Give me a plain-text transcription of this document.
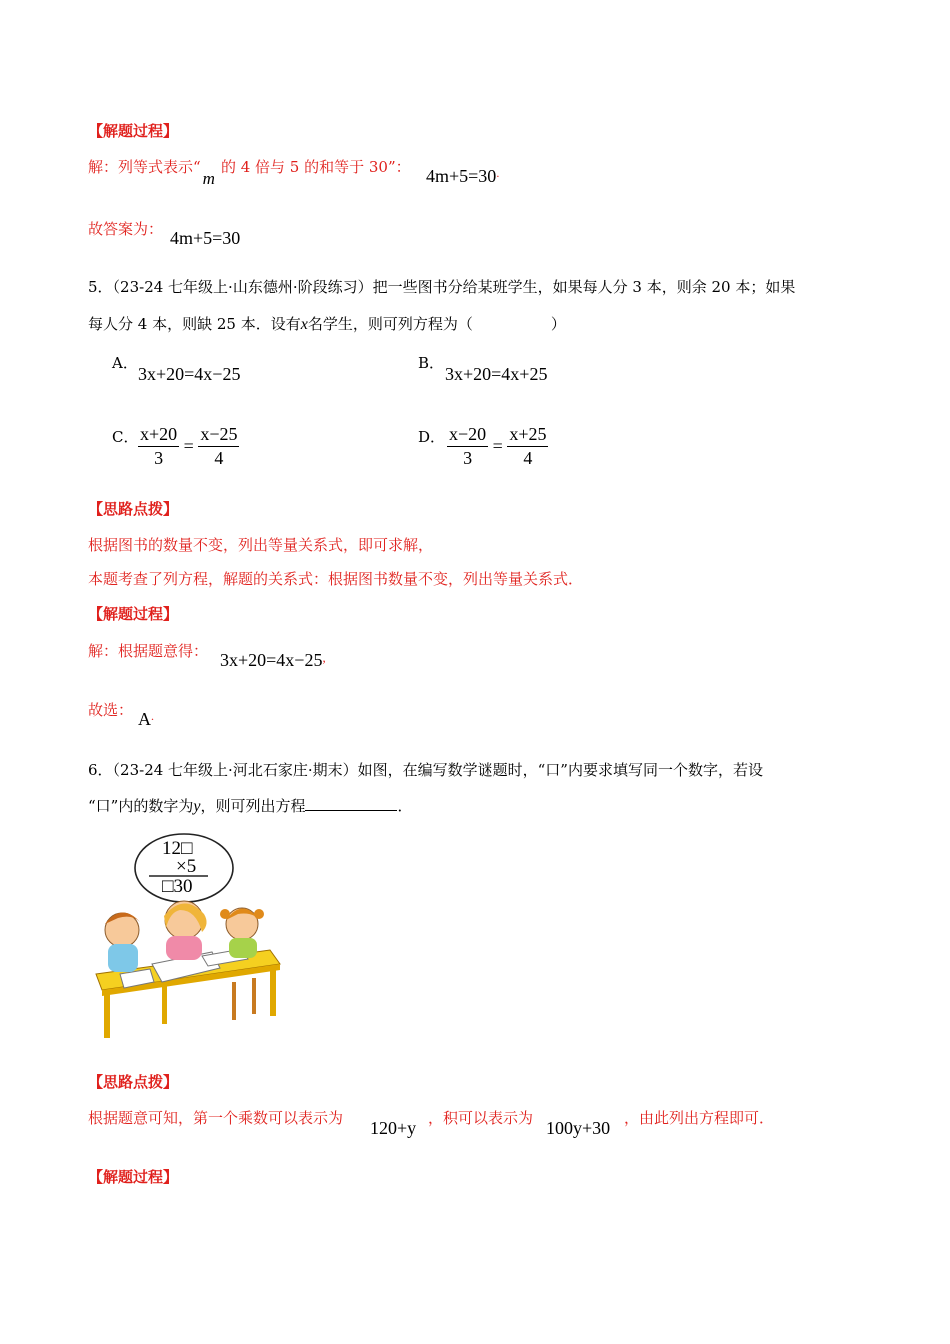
【解题过程】
解：列等式表示“m的 4 倍与 5 的和等于 30”： 4m+5=30.
故答案为： 4m+5=30
5．（23-24 七年级上·山东德州·阶段练习）把一些图书分给某班学生，如果每人分 3 本，则余 20 本；如果
每人分 4 本，则缺 25 本．设有x名学生，则可列方程为（	）
A．
3x+20=4x−25
B．
3x+20=4x+25
C． $\frac{x+20}{3} = \frac{x-25}{4}$	D． $\frac{x-20}{3} = \frac{x+25}{4}$
【思路点拨】
根据图书的数量不变，列出等量关系式，即可求解，
本题考查了列方程，解题的关系式：根据图书数量不变，列出等量关系式．
【解题过程】
解：根据题意得： 3x+20=4x−25,
故选： A.
6．（23-24 七年级上·河北石家庄·期末）如图，在编写数学谜题时，“口”内要求填写同一个数字，若设
“口”内的数字为y，则可列出方程	．
12□
×5
□30
【思路点拨】
根据题意可知，第一个乘数可以表示为 120+y ，积可以表示为 100y+30 ，由此列出方程即可．
【解题过程】
